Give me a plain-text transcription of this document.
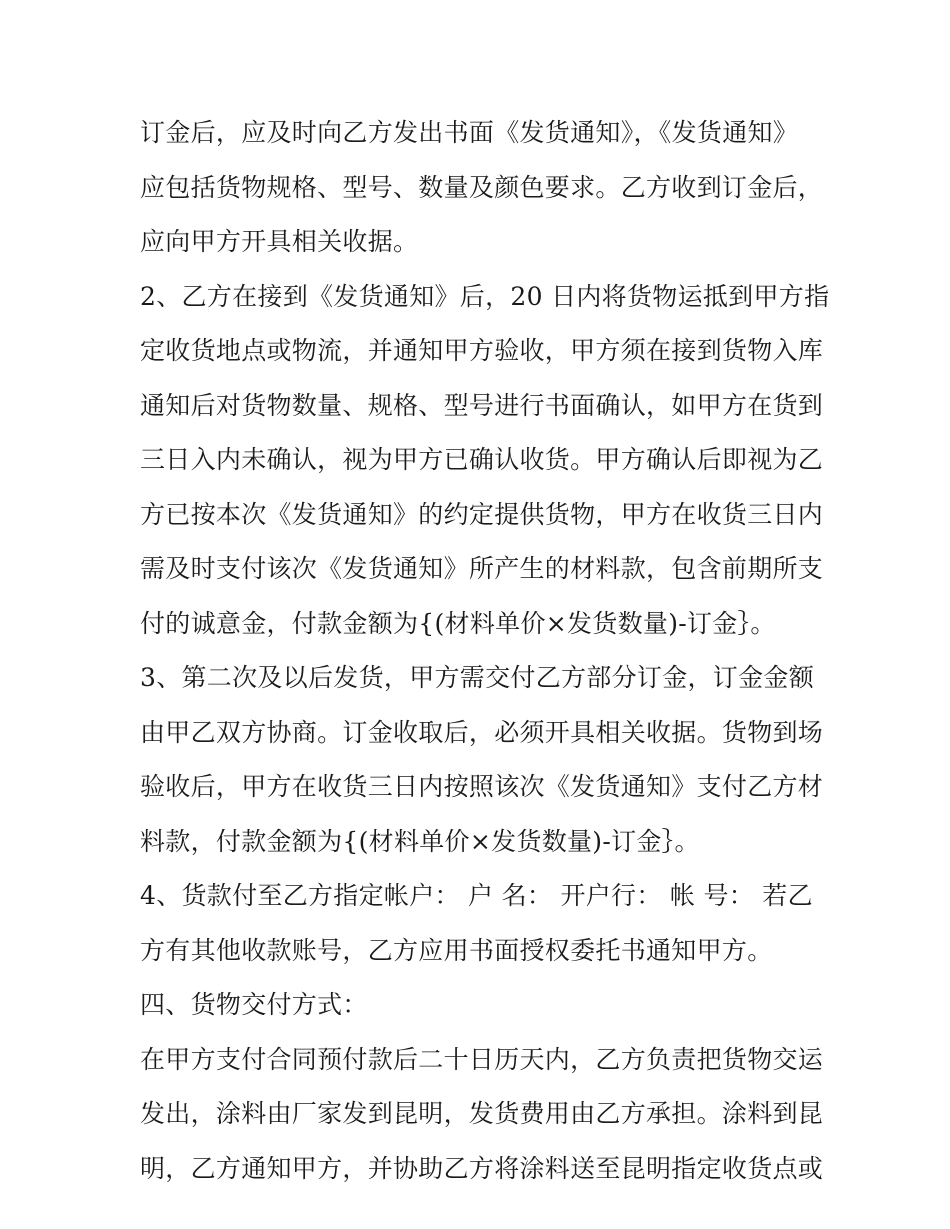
订金后，应及时向乙方发出书面《发货通知》，《发货通知》
应包括货物规格、型号、数量及颜色要求。乙方收到订金后，
应向甲方开具相关收据。
2、乙方在接到《发货通知》后，20 日内将货物运抵到甲方指
定收货地点或物流，并通知甲方验收，甲方须在接到货物入库
通知后对货物数量、规格、型号进行书面确认，如甲方在货到
三日入内未确认，视为甲方已确认收货。甲方确认后即视为乙
方已按本次《发货通知》的约定提供货物，甲方在收货三日内
需及时支付该次《发货通知》所产生的材料款，包含前期所支
付的诚意金，付款金额为{(材料单价×发货数量)-订金｝。
3、第二次及以后发货，甲方需交付乙方部分订金，订金金额
由甲乙双方协商。订金收取后，必须开具相关收据。货物到场
验收后，甲方在收货三日内按照该次《发货通知》支付乙方材
料款，付款金额为{(材料单价×发货数量)-订金｝。
4、货款付至乙方指定帐户： 户 名： 开户行： 帐 号： 若乙
方有其他收款账号，乙方应用书面授权委托书通知甲方。
四、货物交付方式：
在甲方支付合同预付款后二十日历天内，乙方负责把货物交运
发出，涂料由厂家发到昆明，发货费用由乙方承担。涂料到昆
明，乙方通知甲方，并协助乙方将涂料送至昆明指定收货点或
